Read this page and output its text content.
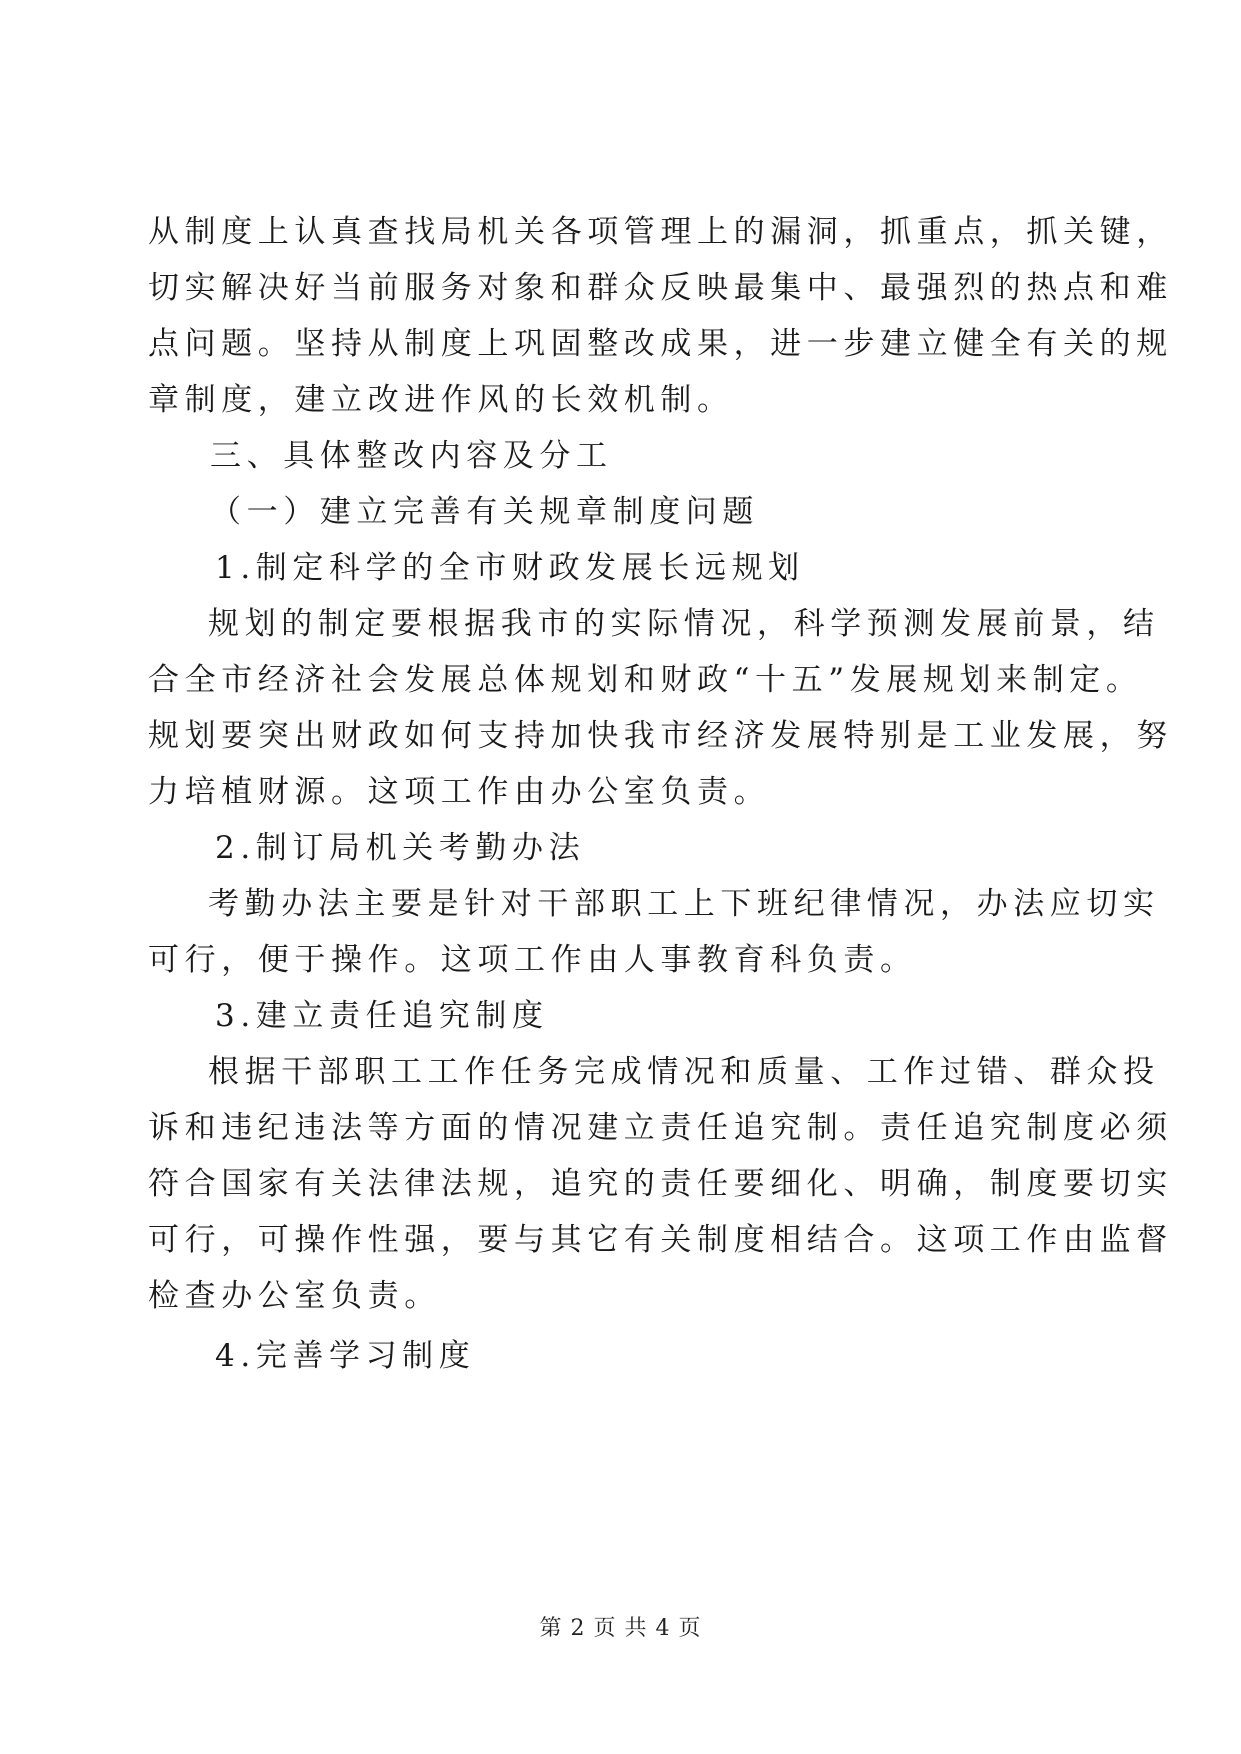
从制度上认真查找局机关各项管理上的漏洞，抓重点，抓关键，
切实解决好当前服务对象和群众反映最集中、最强烈的热点和难
点问题。坚持从制度上巩固整改成果，进一步建立健全有关的规
章制度，建立改进作风的长效机制。
三、具体整改内容及分工
（一）建立完善有关规章制度问题
1.制定科学的全市财政发展长远规划
规划的制定要根据我市的实际情况，科学预测发展前景，结
合全市经济社会发展总体规划和财政“十五”发展规划来制定。
规划要突出财政如何支持加快我市经济发展特别是工业发展，努
力培植财源。这项工作由办公室负责。
2.制订局机关考勤办法
考勤办法主要是针对干部职工上下班纪律情况，办法应切实
可行，便于操作。这项工作由人事教育科负责。
3.建立责任追究制度
根据干部职工工作任务完成情况和质量、工作过错、群众投
诉和违纪违法等方面的情况建立责任追究制。责任追究制度必须
符合国家有关法律法规，追究的责任要细化、明确，制度要切实
可行，可操作性强，要与其它有关制度相结合。这项工作由监督
检查办公室负责。
4.完善学习制度
第 2 页 共 4 页
